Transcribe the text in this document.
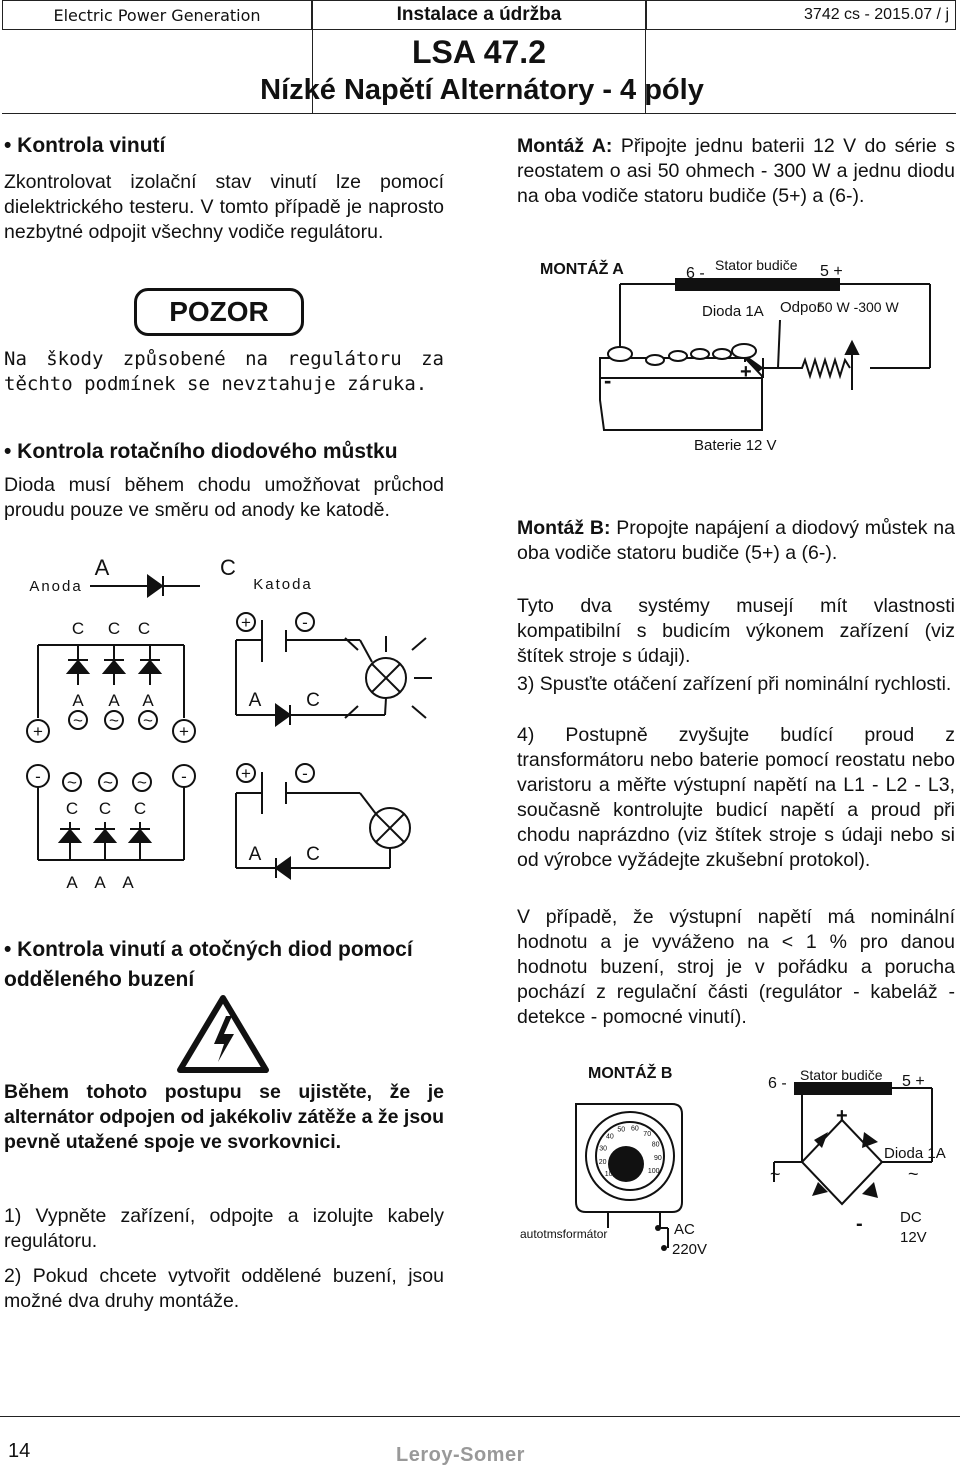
Electric Power Generation	Instalace a údržba	3742 cs - 2015.07 / j
LSA 47.2
Nízké Napětí Alternátory - 4 póly
• Kontrola vinutí

Zkontrolovat izolační stav vinutí lze pomocí dielektrického testeru. V tomto případě je naprosto nezbytné odpojit všechny vodiče regulátoru.

POZOR

Na škody způsobené na regulátoru za těchto podmínek se nevztahuje záruka.

• Kontrola rotačního diodového můstku

Dioda musí během chodu umožňovat průchod proudu pouze ve směru od anody ke katodě.

Anoda	Katoda
A	C
C C C
A A A
~ ~ ~
+	+
-	-
~ ~ ~
C C C
A A A
+	-
A C
+	-
A C
• Kontrola vinutí a otočných diod pomocí odděleného buzení

Během tohoto postupu se ujistěte, že je alternátor odpojen od jakékoliv zátěže a že jsou pevně utažené spoje ve svorkovnici.

1) Vypněte zařízení, odpojte a izolujte kabely regulátoru.

2) Pokud chcete vytvořit oddělené buzení, jsou možné dva druhy montáže.

Montáž A: Připojte jednu baterii 12 V do série s reostatem o asi 50 ohmech - 300 W a jednu diodu na oba vodiče statoru budiče (5+) a (6-).

MONTÁŽ A	6 - Stator budiče 5 +
Dioda 1A Odpor
50 W -300 W
-	+
Baterie 12 V

Montáž B: Propojte napájení a diodový můstek na oba vodiče statoru budiče (5+) a (6-).

Tyto dva systémy musejí mít vlastnosti kompatibilní s budicím výkonem zařízení (viz štítek stroje s údaji).

3) Spusťte otáčení zařízení při nominální rychlosti.

4) Postupně zvyšujte budící proud z transformátoru nebo baterie pomocí reostatu nebo varistoru a měřte výstupní napětí na L1 - L2 - L3, současně kontrolujte budicí napětí a proud při chodu naprázdno (viz štítek stroje s údaji nebo si od výrobce vyžádejte zkušební protokol).

V případě, že výstupní napětí má nominální hodnotu a je vyváženo na < 1 % pro danou hodnotu buzení, stroj je v pořádku a porucha pochází z regulační části (regulátor - kabeláž - detekce - pomocné vinutí).

MONTÁŽ B
6 - Stator budiče 5 +
Dioda 1A
+
-
autotmsformátor	AC
220V
DC
12V
~	~
10
20
30
40
50 60
70
80
90
100
14	Leroy-Somer
